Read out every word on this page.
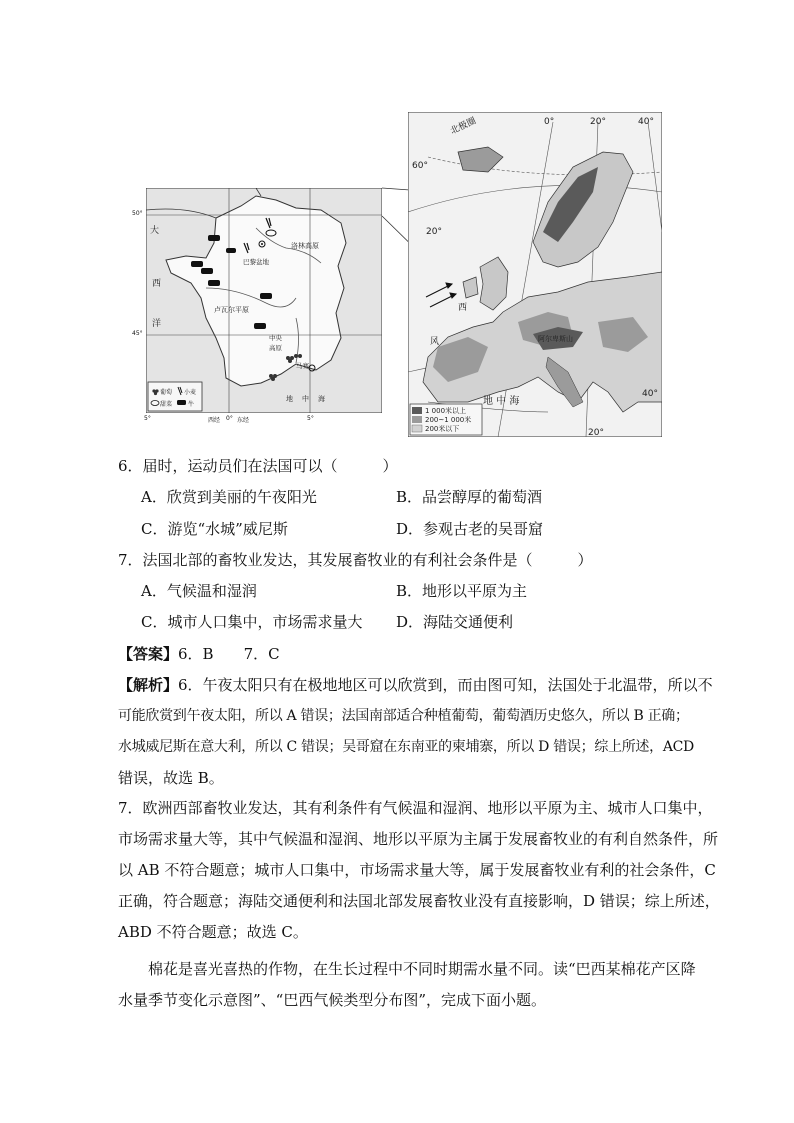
大
西
洋
巴黎盆地
洛林高原
卢瓦尔平原
中央
高原
马赛
地 中 海
葡萄 小麦
甜菜	牛
50°
45°
5°	西经 0° 东经	5°
北极圈	0°	20°	40°
60°
20°
西
风	阿尔卑斯山
地 中 海
40°
20°
1 000米以上
200~1 000米
200米以下
6．届时，运动员们在法国可以（　　　）
A．欣赏到美丽的午夜阳光	B．品尝醇厚的葡萄酒
C．游览“水城”威尼斯	D．参观古老的吴哥窟
7．法国北部的畜牧业发达，其发展畜牧业的有利社会条件是（　　　）
A．气候温和湿润	B．地形以平原为主
C．城市人口集中，市场需求量大 D．海陆交通便利
【答案】6．B　　7．C
【解析】6．午夜太阳只有在极地地区可以欣赏到，而由图可知，法国处于北温带，所以不
可能欣赏到午夜太阳，所以 A 错误；法国南部适合种植葡萄，葡萄酒历史悠久，所以 B 正确；
水城威尼斯在意大利，所以 C 错误；吴哥窟在东南亚的柬埔寨，所以 D 错误；综上所述，ACD
错误，故选 B。
7．欧洲西部畜牧业发达，其有利条件有气候温和湿润、地形以平原为主、城市人口集中，
市场需求量大等，其中气候温和湿润、地形以平原为主属于发展畜牧业的有利自然条件，所
以 AB 不符合题意；城市人口集中，市场需求量大等，属于发展畜牧业有利的社会条件，C
正确，符合题意；海陆交通便利和法国北部发展畜牧业没有直接影响，D 错误；综上所述，
ABD 不符合题意；故选 C。
棉花是喜光喜热的作物，在生长过程中不同时期需水量不同。读“巴西某棉花产区降
水量季节变化示意图”、“巴西气候类型分布图”，完成下面小题。
